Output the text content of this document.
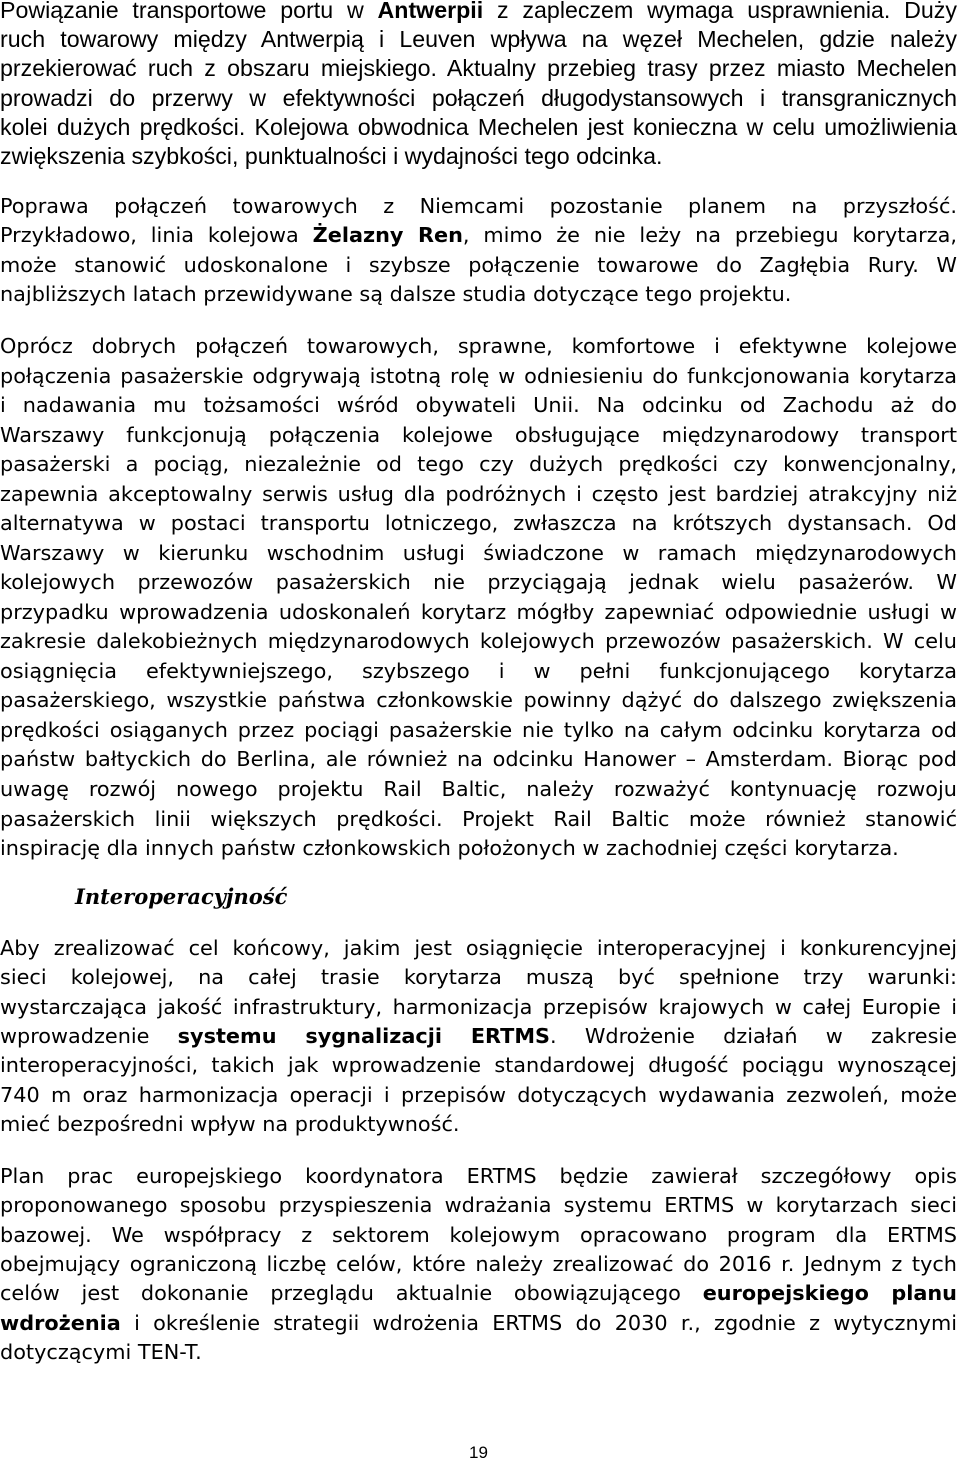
Powiązanie transportowe portu w Antwerpii z zapleczem wymaga usprawnienia. Duży
ruch towarowy między Antwerpią i Leuven wpływa na węzeł Mechelen, gdzie należy
przekierować ruch z obszaru miejskiego. Aktualny przebieg trasy przez miasto Mechelen
prowadzi do przerwy w efektywności połączeń długodystansowych i transgranicznych
kolei dużych prędkości. Kolejowa obwodnica Mechelen jest konieczna w celu umożliwienia
zwiększenia szybkości, punktualności i wydajności tego odcinka.
Poprawa połączeń towarowych z Niemcami pozostanie planem na przyszłość.
Przykładowo, linia kolejowa Żelazny Ren, mimo że nie leży na przebiegu korytarza,
może stanowić udoskonalone i szybsze połączenie towarowe do Zagłębia Rury. W
najbliższych latach przewidywane są dalsze studia dotyczące tego projektu.
Oprócz dobrych połączeń towarowych, sprawne, komfortowe i efektywne kolejowe
połączenia pasażerskie odgrywają istotną rolę w odniesieniu do funkcjonowania korytarza
i nadawania mu tożsamości wśród obywateli Unii. Na odcinku od Zachodu aż do
Warszawy funkcjonują połączenia kolejowe obsługujące międzynarodowy transport
pasażerski a pociąg, niezależnie od tego czy dużych prędkości czy konwencjonalny,
zapewnia akceptowalny serwis usług dla podróżnych i często jest bardziej atrakcyjny niż
alternatywa w postaci transportu lotniczego, zwłaszcza na krótszych dystansach. Od
Warszawy w kierunku wschodnim usługi świadczone w ramach międzynarodowych
kolejowych przewozów pasażerskich nie przyciągają jednak wielu pasażerów. W
przypadku wprowadzenia udoskonaleń korytarz mógłby zapewniać odpowiednie usługi w
zakresie dalekobieżnych międzynarodowych kolejowych przewozów pasażerskich. W celu
osiągnięcia efektywniejszego, szybszego i w pełni funkcjonującego korytarza
pasażerskiego, wszystkie państwa członkowskie powinny dążyć do dalszego zwiększenia
prędkości osiąganych przez pociągi pasażerskie nie tylko na całym odcinku korytarza od
państw bałtyckich do Berlina, ale również na odcinku Hanower – Amsterdam. Biorąc pod
uwagę rozwój nowego projektu Rail Baltic, należy rozważyć kontynuację rozwoju
pasażerskich linii większych prędkości. Projekt Rail Baltic może również stanowić
inspirację dla innych państw członkowskich położonych w zachodniej części korytarza.
Interoperacyjność
Aby zrealizować cel końcowy, jakim jest osiągnięcie interoperacyjnej i konkurencyjnej
sieci kolejowej, na całej trasie korytarza muszą być spełnione trzy warunki:
wystarczająca jakość infrastruktury, harmonizacja przepisów krajowych w całej Europie i
wprowadzenie systemu sygnalizacji ERTMS. Wdrożenie działań w zakresie
interoperacyjności, takich jak wprowadzenie standardowej długość pociągu wynoszącej
740 m oraz harmonizacja operacji i przepisów dotyczących wydawania zezwoleń, może
mieć bezpośredni wpływ na produktywność.
Plan prac europejskiego koordynatora ERTMS będzie zawierał szczegółowy opis
proponowanego sposobu przyspieszenia wdrażania systemu ERTMS w korytarzach sieci
bazowej. We współpracy z sektorem kolejowym opracowano program dla ERTMS
obejmujący ograniczoną liczbę celów, które należy zrealizować do 2016 r. Jednym z tych
celów jest dokonanie przeglądu aktualnie obowiązującego europejskiego planu
wdrożenia i określenie strategii wdrożenia ERTMS do 2030 r., zgodnie z wytycznymi
dotyczącymi TEN-T.
19
